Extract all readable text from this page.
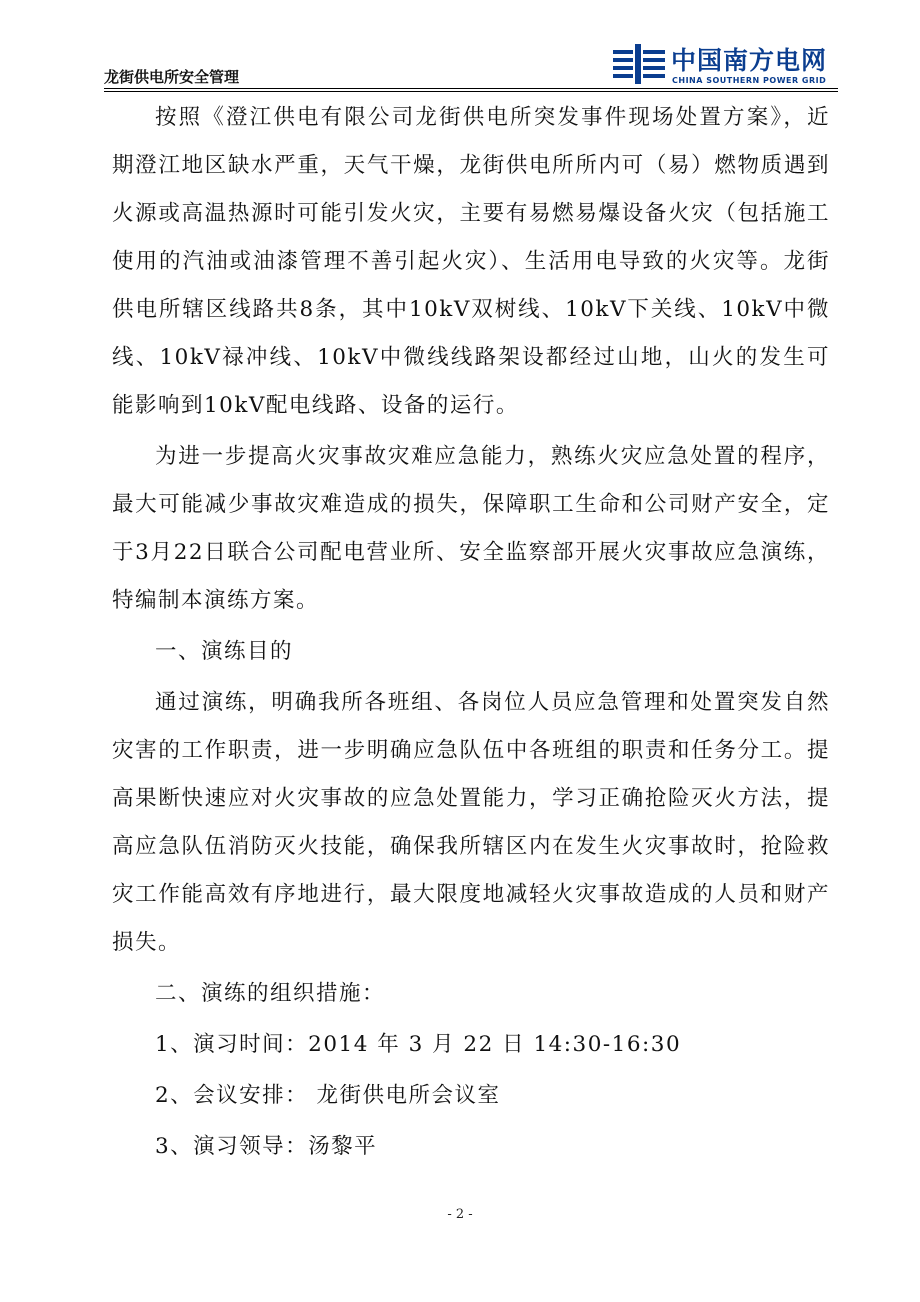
龙街供电所安全管理
中国南方电网
CHINA SOUTHERN POWER GRID

按照《澄江供电有限公司龙街供电所突发事件现场处置方案》，近期澄江地区缺水严重，天气干燥，龙街供电所所内可（易）燃物质遇到火源或高温热源时可能引发火灾，主要有易燃易爆设备火灾（包括施工使用的汽油或油漆管理不善引起火灾）、生活用电导致的火灾等。龙街供电所辖区线路共8条，其中10kV双树线、10kV下关线、10kV中微线、10kV禄冲线、10kV中微线线路架设都经过山地，山火的发生可能影响到10kV配电线路、设备的运行。

为进一步提高火灾事故灾难应急能力，熟练火灾应急处置的程序，最大可能减少事故灾难造成的损失，保障职工生命和公司财产安全，定于3月22日联合公司配电营业所、安全监察部开展火灾事故应急演练，特编制本演练方案。

一、演练目的

通过演练，明确我所各班组、各岗位人员应急管理和处置突发自然灾害的工作职责，进一步明确应急队伍中各班组的职责和任务分工。提高果断快速应对火灾事故的应急处置能力，学习正确抢险灭火方法，提高应急队伍消防灭火技能，确保我所辖区内在发生火灾事故时，抢险救灾工作能高效有序地进行，最大限度地减轻火灾事故造成的人员和财产损失。

二、演练的组织措施：

1、演习时间：2014 年 3 月 22 日 14:30-16:30

2、会议安排： 龙街供电所会议室

3、演习领导：汤黎平

- 2 -
